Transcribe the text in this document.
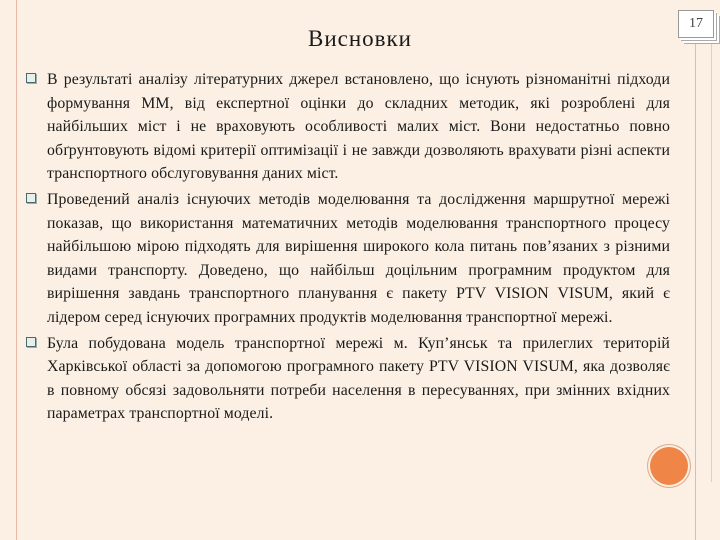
17
Висновки
В результаті аналізу літературних джерел встановлено, що існують різноманітні підходи формування ММ, від експертної оцінки до складних методик, які розроблені для найбільших міст і не враховують особливості малих міст. Вони недостатньо повно обґрунтовують відомі критерії оптимізації і не завжди дозволяють врахувати різні аспекти транспортного обслуговування даних міст.
Проведений аналіз існуючих методів моделювання та дослідження маршрутної мережі показав, що використання математичних методів моделювання транспортного процесу найбільшою мірою підходять для вирішення широкого кола питань пов’язаних з різними видами транспорту. Доведено, що найбільш доцільним програмним продуктом для вирішення завдань транспортного планування є пакету PTV VISION VISUM, який є лідером серед існуючих програмних продуктів моделювання транспортної мережі.
Була побудована модель транспортної мережі м. Куп’янськ та прилеглих територій Харківської області за допомогою програмного пакету PTV VISION VISUM, яка дозволяє в повному обсязі задовольняти потреби населення в пересуваннях, при змінних вхідних параметрах транспортної моделі.
